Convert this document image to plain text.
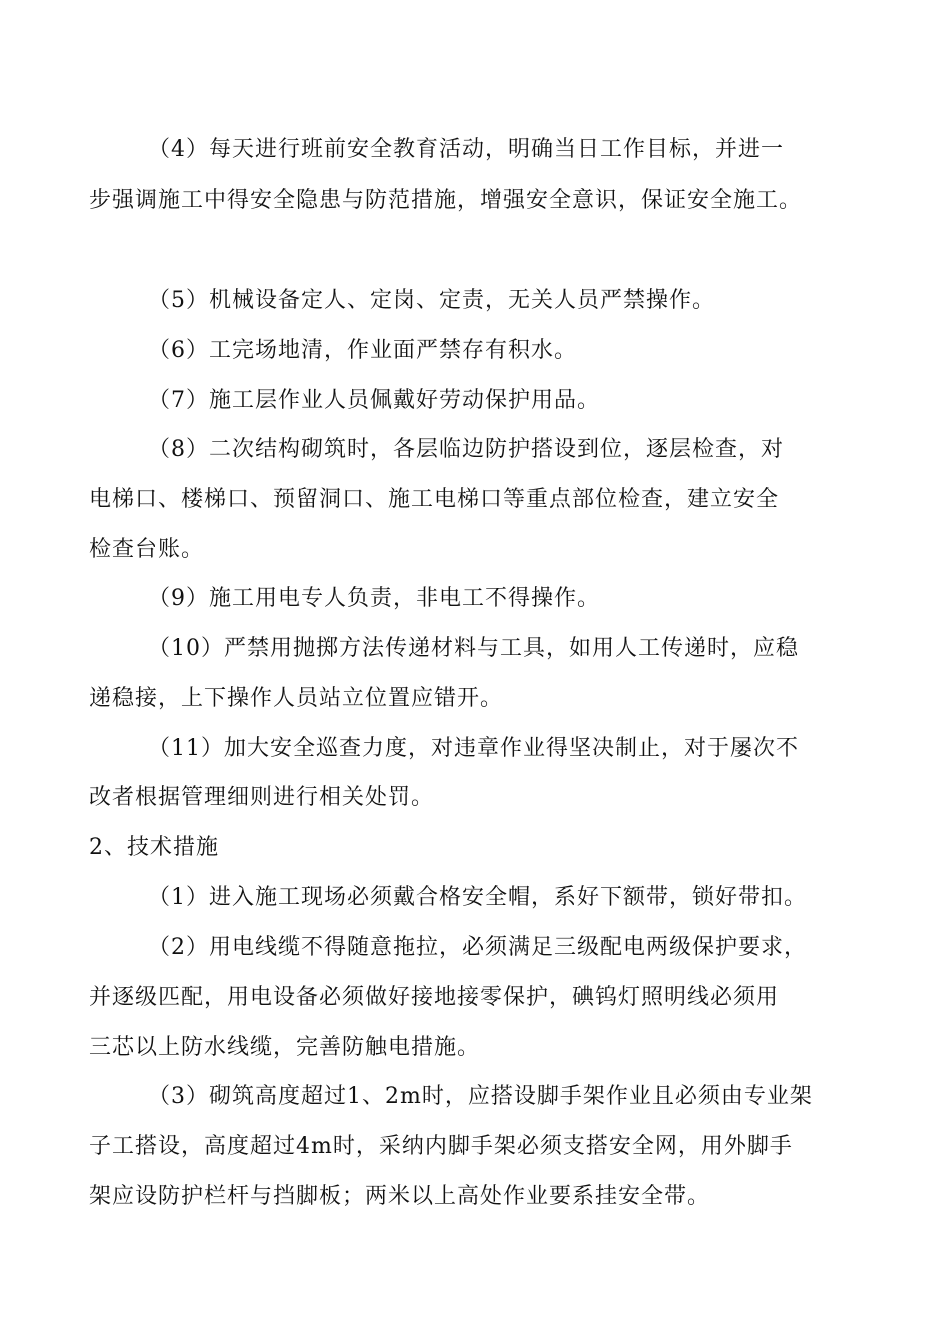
（4）每天进行班前安全教育活动，明确当日工作目标，并进一
步强调施工中得安全隐患与防范措施，增强安全意识，保证安全施工。
（5）机械设备定人、定岗、定责，无关人员严禁操作。
（6）工完场地清，作业面严禁存有积水。
（7）施工层作业人员佩戴好劳动保护用品。
（8）二次结构砌筑时，各层临边防护搭设到位，逐层检查，对
电梯口、楼梯口、预留洞口、施工电梯口等重点部位检查，建立安全
检查台账。
（9）施工用电专人负责，非电工不得操作。
（10）严禁用抛掷方法传递材料与工具，如用人工传递时，应稳
递稳接，上下操作人员站立位置应错开。
（11）加大安全巡查力度，对违章作业得坚决制止，对于屡次不
改者根据管理细则进行相关处罚。
2、技术措施
（1）进入施工现场必须戴合格安全帽，系好下额带，锁好带扣。
（2）用电线缆不得随意拖拉，必须满足三级配电两级保护要求，
并逐级匹配，用电设备必须做好接地接零保护，碘钨灯照明线必须用
三芯以上防水线缆，完善防触电措施。
（3）砌筑高度超过1、2m时，应搭设脚手架作业且必须由专业架
子工搭设，高度超过4m时，采纳内脚手架必须支搭安全网，用外脚手
架应设防护栏杆与挡脚板；两米以上高处作业要系挂安全带。
